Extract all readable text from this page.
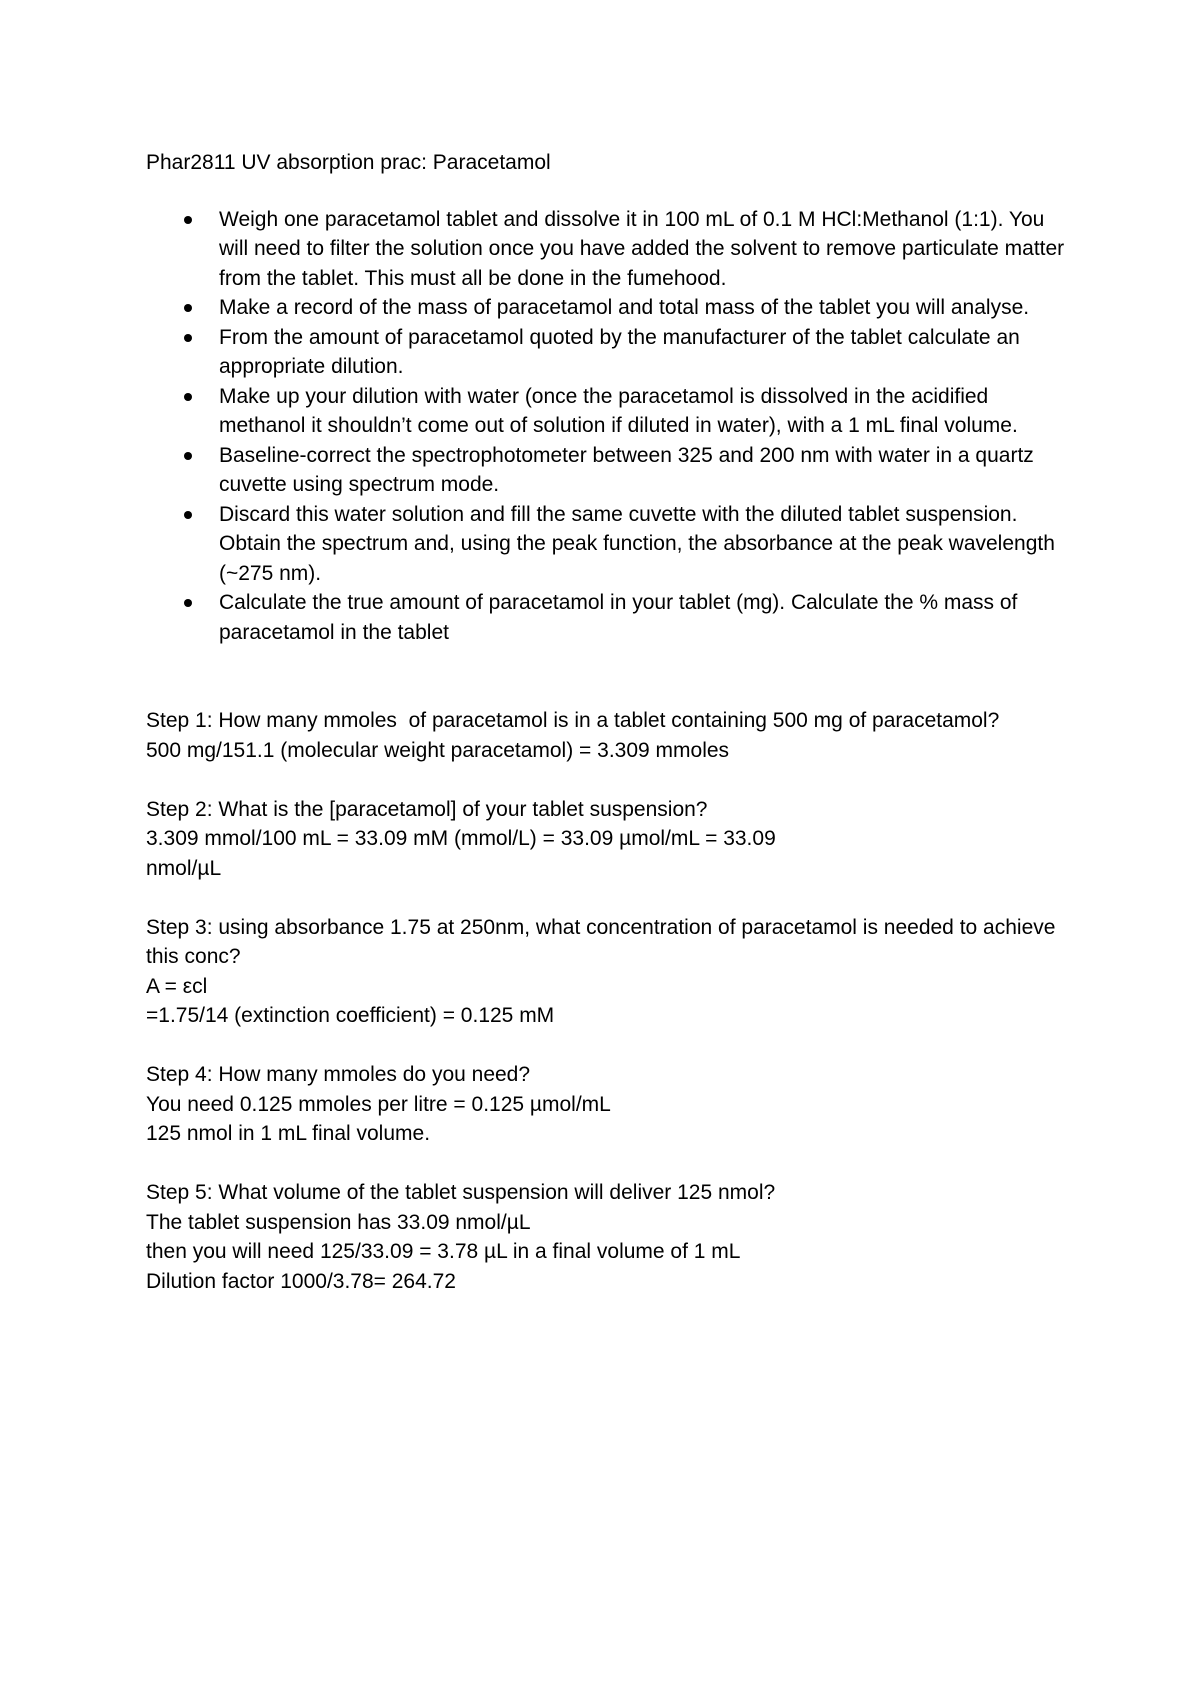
Phar2811 UV absorption prac: Paracetamol
Weigh one paracetamol tablet and dissolve it in 100 mL of 0.1 M HCl:Methanol (1:1). You will need to filter the solution once you have added the solvent to remove particulate matter from the tablet. This must all be done in the fumehood.
Make a record of the mass of paracetamol and total mass of the tablet you will analyse.
From the amount of paracetamol quoted by the manufacturer of the tablet calculate an appropriate dilution.
Make up your dilution with water (once the paracetamol is dissolved in the acidified methanol it shouldn’t come out of solution if diluted in water), with a 1 mL final volume.
Baseline-correct the spectrophotometer between 325 and 200 nm with water in a quartz cuvette using spectrum mode.
Discard this water solution and fill the same cuvette with the diluted tablet suspension. Obtain the spectrum and, using the peak function, the absorbance at the peak wavelength (~275 nm).
Calculate the true amount of paracetamol in your tablet (mg). Calculate the % mass of paracetamol in the tablet
Step 1: How many mmoles  of paracetamol is in a tablet containing 500 mg of paracetamol?
500 mg/151.1 (molecular weight paracetamol) = 3.309 mmoles
Step 2: What is the [paracetamol] of your tablet suspension?
3.309 mmol/100 mL = 33.09 mM (mmol/L) = 33.09 µmol/mL = 33.09
nmol/µL
Step 3: using absorbance 1.75 at 250nm, what concentration of paracetamol is needed to achieve this conc?
A = εcl
=1.75/14 (extinction coefficient) = 0.125 mM
Step 4: How many mmoles do you need?
You need 0.125 mmoles per litre = 0.125 µmol/mL
125 nmol in 1 mL final volume.
Step 5: What volume of the tablet suspension will deliver 125 nmol?
The tablet suspension has 33.09 nmol/µL
then you will need 125/33.09 = 3.78 µL in a final volume of 1 mL
Dilution factor 1000/3.78= 264.72
